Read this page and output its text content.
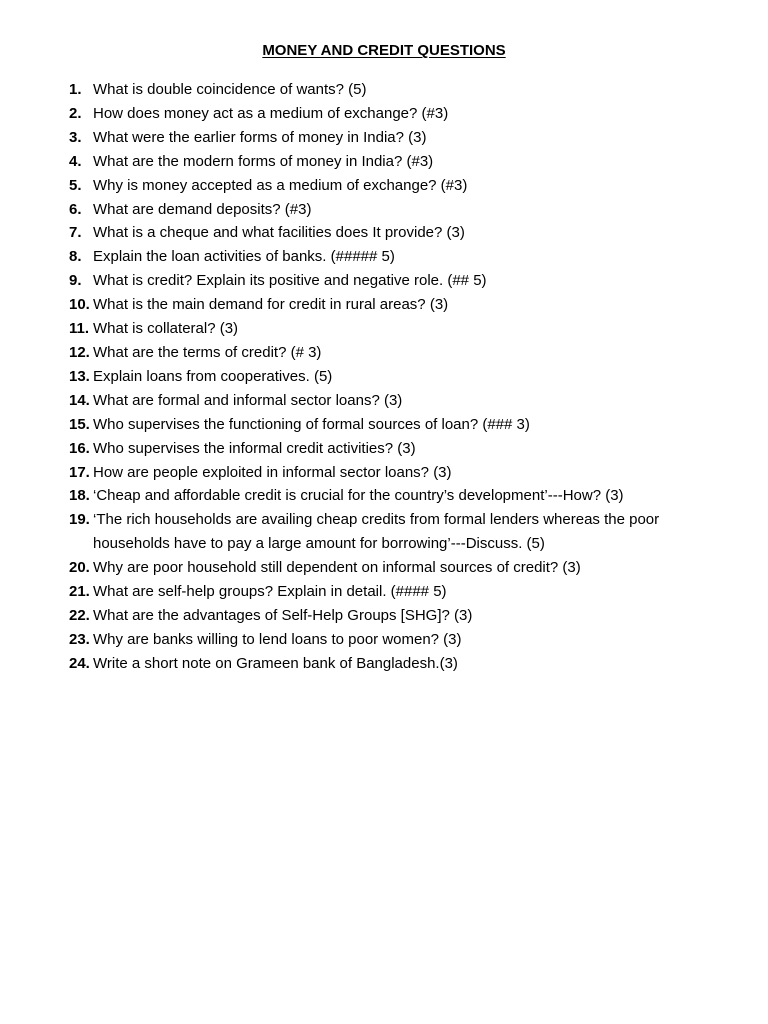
MONEY AND CREDIT QUESTIONS
1. What is double coincidence of wants? (5)
2. How does money act as a medium of exchange? (#3)
3. What were the earlier forms of money in India? (3)
4. What are the modern forms of money in India? (#3)
5. Why is money accepted as a medium of exchange? (#3)
6. What are demand deposits? (#3)
7. What is a cheque and what facilities does It provide? (3)
8. Explain the loan activities of banks. (##### 5)
9. What is credit? Explain its positive and negative role. (## 5)
10. What is the main demand for credit in rural areas? (3)
11. What is collateral? (3)
12. What are the terms of credit? (# 3)
13. Explain loans from cooperatives. (5)
14. What are formal and informal sector loans? (3)
15. Who supervises the functioning of formal sources of loan? (### 3)
16. Who supervises the informal credit activities? (3)
17. How are people exploited in informal sector loans? (3)
18. ‘Cheap and affordable credit is crucial for the country’s development’---How? (3)
19. ‘The rich households are availing cheap credits from formal lenders whereas the poor households have to pay a large amount for borrowing’---Discuss. (5)
20. Why are poor household still dependent on informal sources of credit? (3)
21. What are self-help groups? Explain in detail. (#### 5)
22. What are the advantages of Self-Help Groups [SHG]? (3)
23. Why are banks willing to lend loans to poor women? (3)
24. Write a short note on Grameen bank of Bangladesh.(3)
